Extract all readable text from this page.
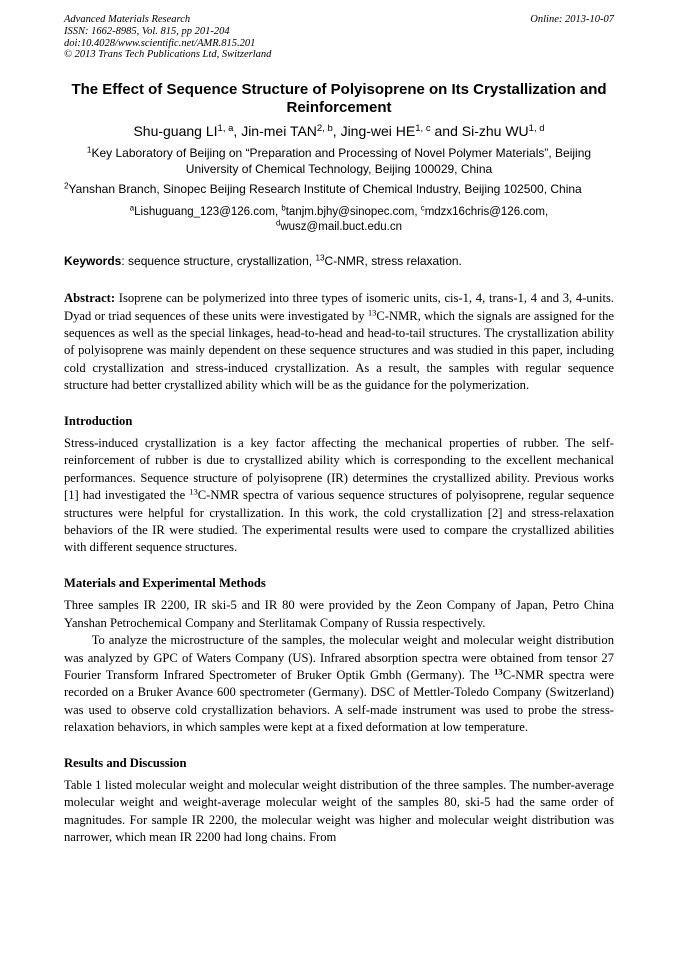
Advanced Materials Research
ISSN: 1662-8985, Vol. 815, pp 201-204
doi:10.4028/www.scientific.net/AMR.815.201
© 2013 Trans Tech Publications Ltd, Switzerland
Online: 2013-10-07
The Effect of Sequence Structure of Polyisoprene on Its Crystallization and Reinforcement
Shu-guang LI$^{1, a}$, Jin-mei TAN$^{2, b}$, Jing-wei HE$^{1, c}$ and Si-zhu WU$^{1, d}$
$^1$Key Laboratory of Beijing on “Preparation and Processing of Novel Polymer Materials”, Beijing University of Chemical Technology, Beijing 100029, China
$^2$Yanshan Branch, Sinopec Beijing Research Institute of Chemical Industry, Beijing 102500, China
$^a$Lishuguang_123@126.com, $^b$tanjm.bjhy@sinopec.com, $^c$mdzx16chris@126.com,
$^d$wusz@mail.buct.edu.cn
Keywords: sequence structure, crystallization, $^{13}$C-NMR, stress relaxation.

Abstract: Isoprene can be polymerized into three types of isomeric units, cis-1, 4, trans-1, 4 and 3, 4-units. Dyad or triad sequences of these units were investigated by $^{13}$C-NMR, which the signals are assigned for the sequences as well as the special linkages, head-to-head and head-to-tail structures. The crystallization ability of polyisoprene was mainly dependent on these sequence structures and was studied in this paper, including cold crystallization and stress-induced crystallization. As a result, the samples with regular sequence structure had better crystallized ability which will be as the guidance for the polymerization.

Introduction

Stress-induced crystallization is a key factor affecting the mechanical properties of rubber. The self-reinforcement of rubber is due to crystallized ability which is corresponding to the excellent mechanical performances. Sequence structure of polyisoprene (IR) determines the crystallized ability. Previous works [1] had investigated the $^{13}$C-NMR spectra of various sequence structures of polyisoprene, regular sequence structures were helpful for crystallization. In this work, the cold crystallization [2] and stress-relaxation behaviors of the IR were studied. The experimental results were used to compare the crystallized abilities with different sequence structures.

Materials and Experimental Methods

Three samples IR 2200, IR ski-5 and IR 80 were provided by the Zeon Company of Japan, Petro China Yanshan Petrochemical Company and Sterlitamak Company of Russia respectively.

To analyze the microstructure of the samples, the molecular weight and molecular weight distribution was analyzed by GPC of Waters Company (US). Infrared absorption spectra were obtained from tensor 27 Fourier Transform Infrared Spectrometer of Bruker Optik Gmbh (Germany). The $^{13}$C-NMR spectra were recorded on a Bruker Avance 600 spectrometer (Germany). DSC of Mettler-Toledo Company (Switzerland) was used to observe cold crystallization behaviors. A self-made instrument was used to probe the stress-relaxation behaviors, in which samples were kept at a fixed deformation at low temperature.

Results and Discussion

Table 1 listed molecular weight and molecular weight distribution of the three samples. The number-average molecular weight and weight-average molecular weight of the samples 80, ski-5 had the same order of magnitudes. For sample IR 2200, the molecular weight was higher and molecular weight distribution was narrower, which mean IR 2200 had long chains. From
